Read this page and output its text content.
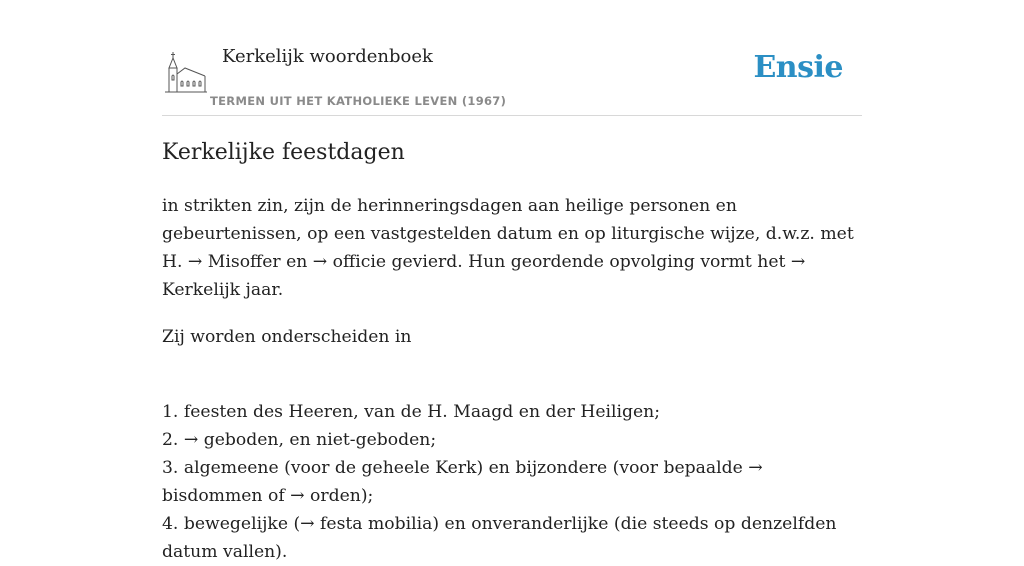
Kerkelijk woordenboek
TERMEN UIT HET KATHOLIEKE LEVEN (1967)
Ensie
Kerkelijke feestdagen

in strikten zin, zijn de herinneringsdagen aan heilige personen en gebeurtenissen, op een vastgestelden datum en op liturgische wijze, d.w.z. met H. → Misoffer en → officie gevierd. Hun geordende opvolging vormt het → Kerkelijk jaar.

Zij worden onderscheiden in

1. feesten des Heeren, van de H. Maagd en der Heiligen;
2. → geboden, en niet-geboden;
3. algemeene (voor de geheele Kerk) en bijzondere (voor bepaalde → bisdommen of → orden);
4. bewegelijke (→ festa mobilia) en onveranderlijke (die steeds op denzelfden datum vallen).
